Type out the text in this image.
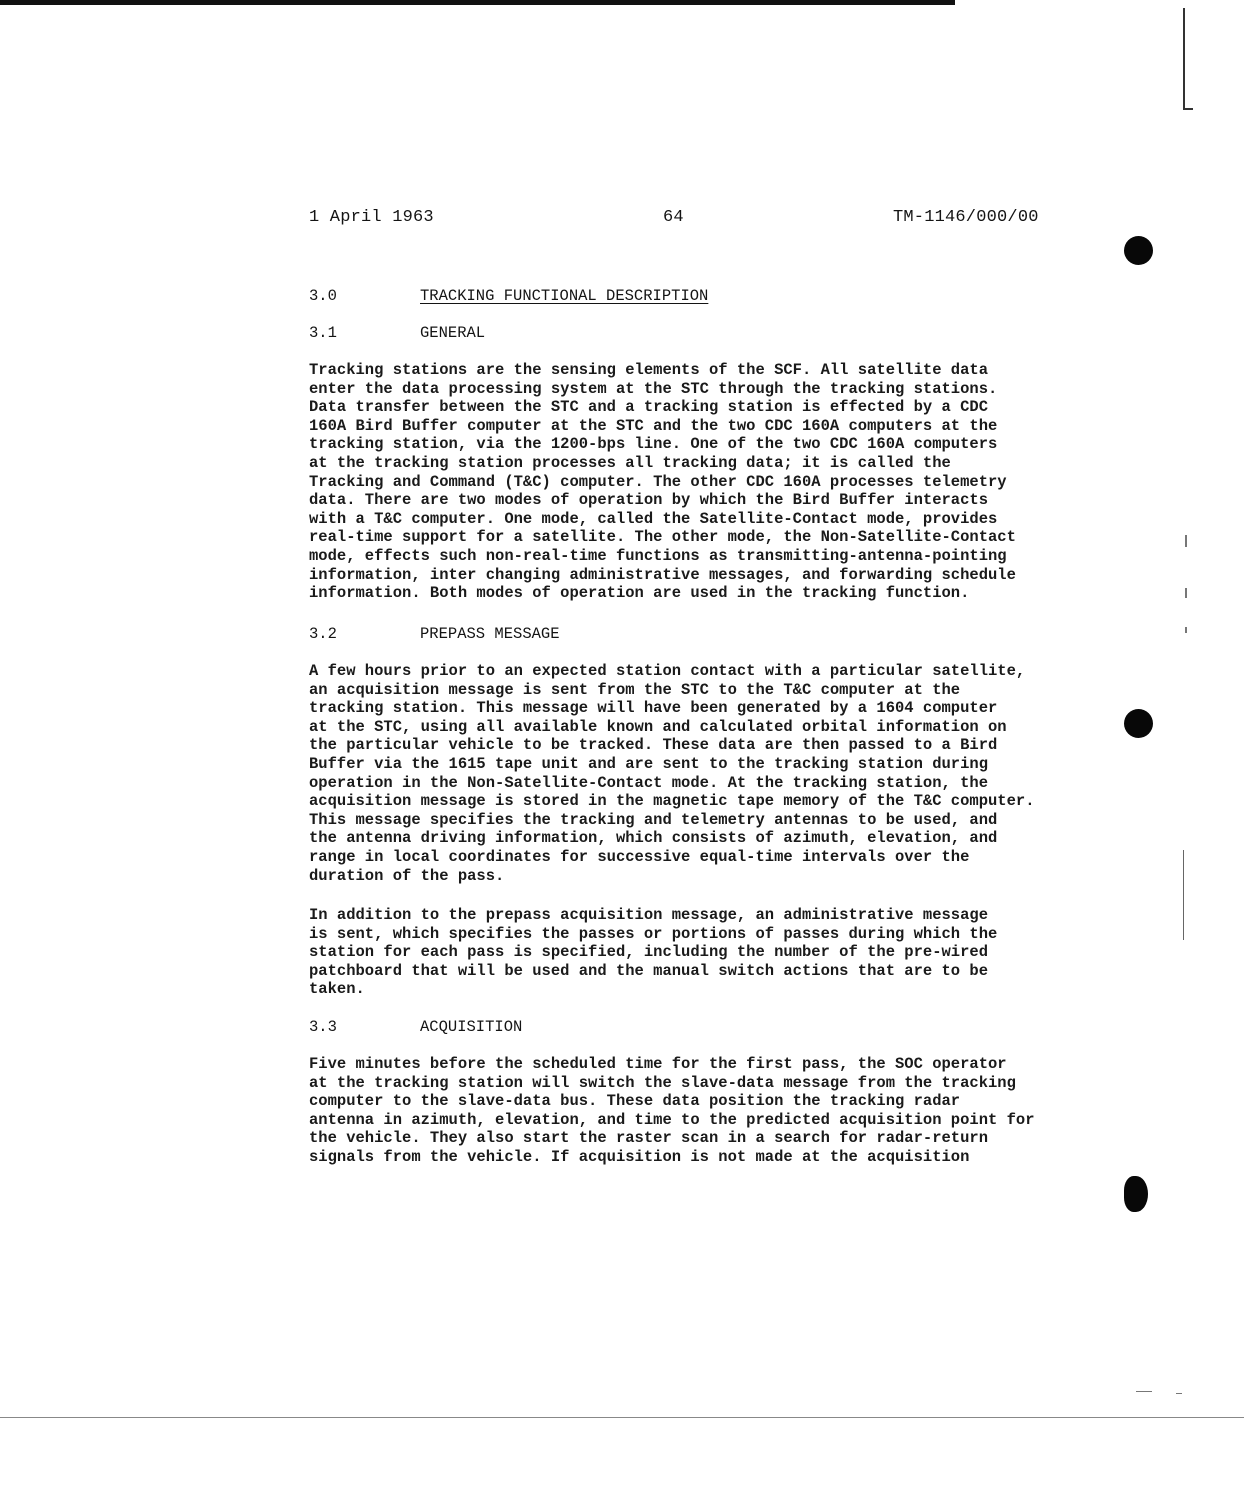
1 April 1963	64	TM-1146/000/00
3.0	TRACKING FUNCTIONAL DESCRIPTION
3.1	GENERAL

Tracking stations are the sensing elements of the SCF. All satellite data
enter the data processing system at the STC through the tracking stations.
Data transfer between the STC and a tracking station is effected by a CDC
160A Bird Buffer computer at the STC and the two CDC 160A computers at the
tracking station, via the 1200-bps line. One of the two CDC 160A computers
at the tracking station processes all tracking data; it is called the
Tracking and Command (T&C) computer. The other CDC 160A processes telemetry
data. There are two modes of operation by which the Bird Buffer interacts
with a T&C computer. One mode, called the Satellite-Contact mode, provides
real-time support for a satellite. The other mode, the Non-Satellite-Contact
mode, effects such non-real-time functions as transmitting-antenna-pointing
information, inter changing administrative messages, and forwarding schedule
information. Both modes of operation are used in the tracking function.

3.2	PREPASS MESSAGE

A few hours prior to an expected station contact with a particular satellite,
an acquisition message is sent from the STC to the T&C computer at the
tracking station. This message will have been generated by a 1604 computer
at the STC, using all available known and calculated orbital information on
the particular vehicle to be tracked. These data are then passed to a Bird
Buffer via the 1615 tape unit and are sent to the tracking station during
operation in the Non-Satellite-Contact mode. At the tracking station, the
acquisition message is stored in the magnetic tape memory of the T&C computer.
This message specifies the tracking and telemetry antennas to be used, and
the antenna driving information, which consists of azimuth, elevation, and
range in local coordinates for successive equal-time intervals over the
duration of the pass.

In addition to the prepass acquisition message, an administrative message
is sent, which specifies the passes or portions of passes during which the
station for each pass is specified, including the number of the pre-wired
patchboard that will be used and the manual switch actions that are to be
taken.

3.3	ACQUISITION

Five minutes before the scheduled time for the first pass, the SOC operator
at the tracking station will switch the slave-data message from the tracking
computer to the slave-data bus. These data position the tracking radar
antenna in azimuth, elevation, and time to the predicted acquisition point for
the vehicle. They also start the raster scan in a search for radar-return
signals from the vehicle. If acquisition is not made at the acquisition
